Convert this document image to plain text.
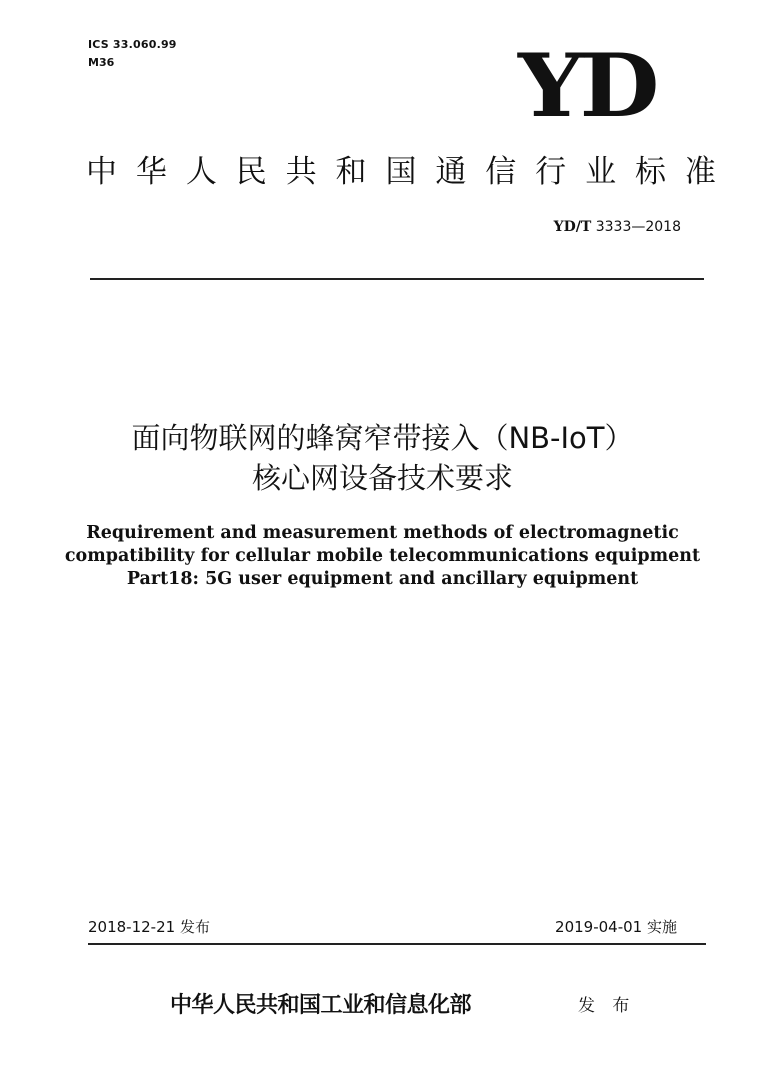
ICS 33.060.99
M36	YD
中 华 人 民 共 和 国 通 信 行 业 标 准
YD/T 3333—2018
面向物联网的蜂窝窄带接入（NB-IoT）
核心网设备技术要求
Requirement and measurement methods of electromagnetic
compatibility for cellular mobile telecommunications equipment
Part18: 5G user equipment and ancillary equipment
2018-12-21 发布	2019-04-01 实施
中华人民共和国工业和信息化部	发 布
